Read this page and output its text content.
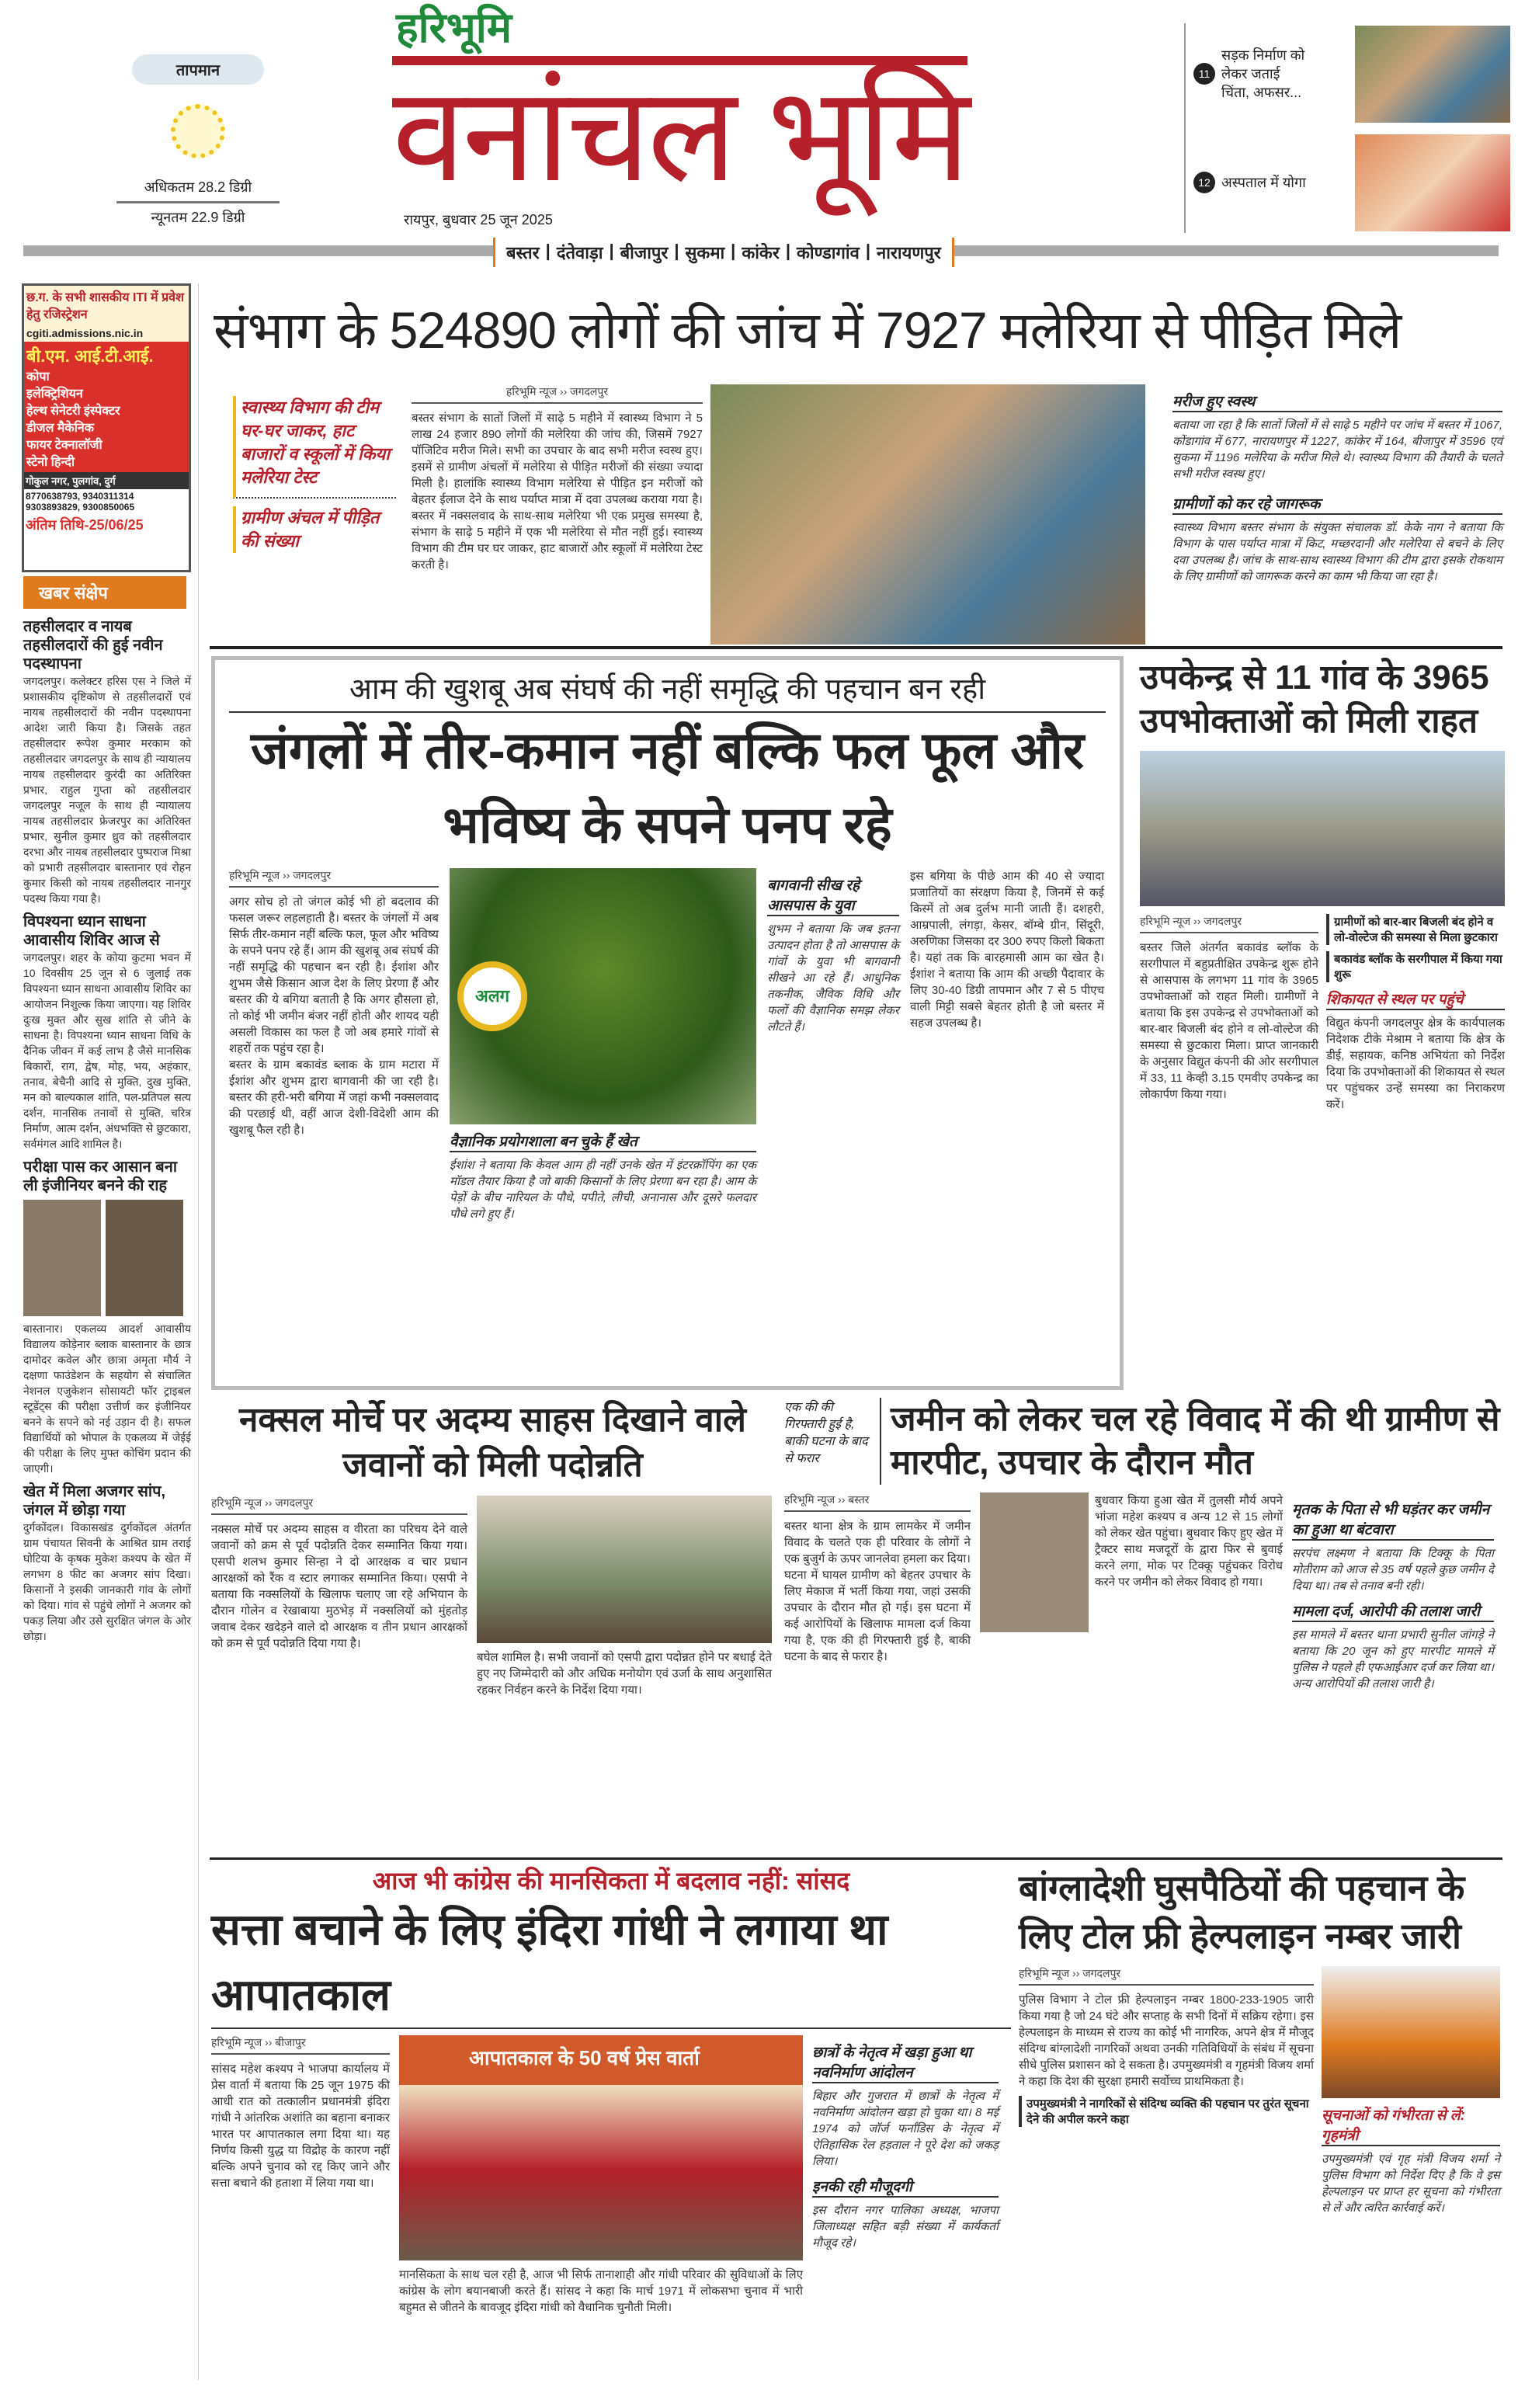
तापमान
अधिकतम 28.2 डिग्री
न्यूनतम 22.9 डिग्री
हरिभूमि
वनांचल भूमि
रायपुर, बुधवार 25 जून 2025
11
सड़क निर्माण को लेकर जताई चिंता, अफसर...
12 अस्पताल में योगा
बस्तर | दंतेवाड़ा | बीजापुर | सुकमा | कांकेर | कोण्डागांव | नारायणपुर
छ.ग. के सभी शासकीय ITI में प्रवेश हेतु रजिस्ट्रेशन
cgiti.admissions.nic.in
बी.एम. आई.टी.आई.
कोपा
इलेक्ट्रिशियन
हेल्थ सेनेटरी इंस्पेक्टर
डीजल मैकेनिक
फायर टेक्नालॉजी
स्टेनो हिन्दी
गोकुल नगर, पुलगांव, दुर्ग
8770638793, 9340311314 9303893829, 9300850065
अंतिम तिथि-25/06/25
खबर संक्षेप
तहसीलदार व नायब तहसीलदारों की हुई नवीन पदस्थापना
जगदलपुर। कलेक्टर हरिस एस ने जिले में प्रशासकीय दृष्टिकोण से तहसीलदारों एवं नायब तहसीलदारों की नवीन पदस्थापना आदेश जारी किया है। जिसके तहत तहसीलदार रूपेश कुमार मरकाम को तहसीलदार जगदलपुर के साथ ही न्यायालय नायब तहसीलदार कुरंदी का अतिरिक्त प्रभार, राहुल गुप्ता को तहसीलदार जगदलपुर नजूल के साथ ही न्यायालय नायब तहसीलदार फ्रेजरपुर का अतिरिक्त प्रभार, सुनील कुमार ध्रुव को तहसीलदार दरभा और नायब तहसीलदार पुष्पराज मिश्रा को प्रभारी तहसीलदार बास्तानार एवं रोहन कुमार किसी को नायब तहसीलदार नानगुर पदस्थ किया गया है।
विपश्यना ध्यान साधना आवासीय शिविर आज से
जगदलपुर। शहर के कोया कुटमा भवन में 10 दिवसीय 25 जून से 6 जुलाई तक विपश्यना ध्यान साधना आवासीय शिविर का आयोजन निशुल्क किया जाएगा। यह शिविर दुःख मुक्त और सुख शांति से जीने के साधना है। विपश्यना ध्यान साधना विधि के दैनिक जीवन में कई लाभ है जैसे मानसिक बिकारों, राग, द्वेष, मोह, भय, अहंकार, तनाव, बेचैनी आदि से मुक्ति, दुख मुक्ति, मन को बाल्यकाल शांति, पल-प्रतिपल सत्य दर्शन, मानसिक तनावों से मुक्ति, चरित्र निर्माण, आत्म दर्शन, अंधभक्ति से छुटकारा, सर्वमंगल आदि शामिल है।
परीक्षा पास कर आसान बना ली इंजीनियर बनने की राह
बास्तानार। एकलव्य आदर्श आवासीय विद्यालय कोड़ेनार ब्लाक बास्तानार के छात्र दामोदर कवेल और छात्रा अमृता मौर्य ने दक्षणा फाउंडेशन के सहयोग से संचालित नेशनल एजुकेशन सोसायटी फॉर ट्राइबल स्टूडेंट्स की परीक्षा उत्तीर्ण कर इंजीनियर बनने के सपने को नई उड़ान दी है। सफल विद्यार्थियों को भोपाल के एकलव्य में जेईई की परीक्षा के लिए मुफ्त कोचिंग प्रदान की जाएगी।
खेत में मिला अजगर सांप, जंगल में छोड़ा गया
दुर्गकोंदल। विकासखंड दुर्गकोंदल अंतर्गत ग्राम पंचायत सिवनी के आश्रित ग्राम तराई घोटिया के कृषक मुकेश कश्यप के खेत में लगभग 8 फीट का अजगर सांप दिखा। किसानों ने इसकी जानकारी गांव के लोगों को दिया। गांव से पहुंचे लोगों ने अजगर को पकड़ लिया और उसे सुरक्षित जंगल के ओर छोड़ा।
संभाग के 524890 लोगों की जांच में 7927 मलेरिया से पीड़ित मिले
स्वास्थ्य विभाग की टीम घर-घर जाकर, हाट बाजारों व स्कूलों में किया मलेरिया टेस्ट
ग्रामीण अंचल में पीड़ित की संख्या
हरिभूमि न्यूज ›› जगदलपुर
बस्तर संभाग के सातों जिलों में साढ़े 5 महीने में स्वास्थ्य विभाग ने 5 लाख 24 हजार 890 लोगों की मलेरिया की जांच की, जिसमें 7927 पॉजिटिव मरीज मिले। सभी का उपचार के बाद सभी मरीज स्वस्थ हुए। इसमें से ग्रामीण अंचलों में मलेरिया से पीड़ित मरीजों की संख्या ज्यादा मिली है। हालांकि स्वास्थ्य विभाग मलेरिया से पीड़ित इन मरीजों को बेहतर ईलाज देने के साथ पर्याप्त मात्रा में दवा उपलब्ध कराया गया है। बस्तर में नक्सलवाद के साथ-साथ मलेरिया भी एक प्रमुख समस्या है, संभाग के साढ़े 5 महीने में एक भी मलेरिया से मौत नहीं हुई। स्वास्थ्य विभाग की टीम घर घर जाकर, हाट बाजारों और स्कूलों में मलेरिया टेस्ट करती है।
मरीज हुए स्वस्थ
बताया जा रहा है कि सातों जिलों में से साढ़े 5 महीने पर जांच में बस्तर में 1067, कोंडागांव में 677, नारायणपुर में 1227, कांकेर में 164, बीजापुर में 3596 एवं सुकमा में 1196 मलेरिया के मरीज मिले थे। स्वास्थ्य विभाग की तैयारी के चलते सभी मरीज स्वस्थ हुए।
ग्रामीणों को कर रहे जागरूक
स्वास्थ्य विभाग बस्तर संभाग के संयुक्त संचालक डॉ. केके नाग ने बताया कि विभाग के पास पर्याप्त मात्रा में किट, मच्छरदानी और मलेरिया से बचने के लिए दवा उपलब्ध है। जांच के साथ-साथ स्वास्थ्य विभाग की टीम द्वारा इसके रोकथाम के लिए ग्रामीणों को जागरूक करने का काम भी किया जा रहा है।
आम की खुशबू अब संघर्ष की नहीं समृद्धि की पहचान बन रही
जंगलों में तीर-कमान नहीं बल्कि फल फूल और भविष्य के सपने पनप रहे
हरिभूमि न्यूज ›› जगदलपुर
अगर सोच हो तो जंगल कोई भी हो बदलाव की फसल जरूर लहलहाती है। बस्तर के जंगलों में अब सिर्फ तीर-कमान नहीं बल्कि फल, फूल और भविष्य के सपने पनप रहे हैं। आम की खुशबू अब संघर्ष की नहीं समृद्धि की पहचान बन रही है। ईशांश और शुभम जैसे किसान आज देश के लिए प्रेरणा हैं और बस्तर की ये बगिया बताती है कि अगर हौसला हो, तो कोई भी जमीन बंजर नहीं होती और शायद यही असली विकास का फल है जो अब हमारे गांवों से शहरों तक पहुंच रहा है।
बस्तर के ग्राम बकावंड ब्लाक के ग्राम मटारा में ईशांश और शुभम द्वारा बागवानी की जा रही है। बस्तर की हरी-भरी बगिया में जहां कभी नक्सलवाद की परछाई थी, वहीं आज देशी-विदेशी आम की खुशबू फैल रही है।
अलग
वैज्ञानिक प्रयोगशाला बन चुके हैं खेत
ईशांश ने बताया कि केवल आम ही नहीं उनके खेत में इंटरक्रॉपिंग का एक मॉडल तैयार किया है जो बाकी किसानों के लिए प्रेरणा बन रहा है। आम के पेड़ों के बीच नारियल के पौधे, पपीते, लीची, अनानास और दूसरे फलदार पौधे लगे हुए हैं।
बागवानी सीख रहे आसपास के युवा
शुभम ने बताया कि जब इतना उत्पादन होता है तो आसपास के गांवों के युवा भी बागवानी सीखने आ रहे हैं। आधुनिक तकनीक, जैविक विधि और फलों की वैज्ञानिक समझ लेकर लौटते हैं।
इस बगिया के पीछे आम की 40 से ज्यादा प्रजातियों का संरक्षण किया है, जिनमें से कई किस्में तो अब दुर्लभ मानी जाती हैं। दशहरी, आम्रपाली, लंगड़ा, केसर, बॉम्बे ग्रीन, सिंदूरी, अरुणिका जिसका दर 300 रुपए किलो बिकता है। यहां तक कि बारहमासी आम का खेत है। ईशांश ने बताया कि आम की अच्छी पैदावार के लिए 30-40 डिग्री तापमान और 7 से 5 पीएच वाली मिट्टी सबसे बेहतर होती है जो बस्तर में सहज उपलब्ध है।
उपकेन्द्र से 11 गांव के 3965 उपभोक्ताओं को मिली राहत
हरिभूमि न्यूज ›› जगदलपुर
बस्तर जिले अंतर्गत बकावंड ब्लॉक के सरगीपाल में बहुप्रतीक्षित उपकेन्द्र शुरू होने से आसपास के लगभग 11 गांव के 3965 उपभोक्ताओं को राहत मिली। ग्रामीणों ने बताया कि इस उपकेन्द्र से उपभोक्ताओं को बार-बार बिजली बंद होने व लो-वोल्टेज की समस्या से छुटकारा मिला। प्राप्त जानकारी के अनुसार विद्युत कंपनी की ओर सरगीपाल में 33, 11 केव्ही 3.15 एमवीए उपकेन्द्र का लोकार्पण किया गया।
ग्रामीणों को बार-बार बिजली बंद होने व लो-वोल्टेज की समस्या से मिला छुटकारा
बकावंड ब्लॉक के सरगीपाल में किया गया शुरू
शिकायत से स्थल पर पहुंचे
विद्युत कंपनी जगदलपुर क्षेत्र के कार्यपालक निदेशक टीके मेश्राम ने बताया कि क्षेत्र के डीई, सहायक, कनिष्ठ अभियंता को निर्देश दिया कि उपभोक्ताओं की शिकायत से स्थल पर पहुंचकर उन्हें समस्या का निराकरण करें।
नक्सल मोर्चे पर अदम्य साहस दिखाने वाले जवानों को मिली पदोन्नति
हरिभूमि न्यूज ›› जगदलपुर
नक्सल मोर्चे पर अदम्य साहस व वीरता का परिचय देने वाले जवानों को क्रम से पूर्व पदोन्नति देकर सम्मानित किया गया। एसपी शलभ कुमार सिन्हा ने दो आरक्षक व चार प्रधान आरक्षकों को रैंक व स्टार लगाकर सम्मानित किया। एसपी ने बताया कि नक्सलियों के खिलाफ चलाए जा रहे अभियान के दौरान गोलेन व रेखाबाया मुठभेड़ में नक्सलियों को मुंहतोड़ जवाब देकर खदेड़ने वाले दो आरक्षक व तीन प्रधान आरक्षकों को क्रम से पूर्व पदोन्नति दिया गया है।
बघेल शामिल है। सभी जवानों को एसपी द्वारा पदोन्नत होने पर बधाई देते हुए नए जिम्मेदारी को और अधिक मनोयोग एवं उर्जा के साथ अनुशासित रहकर निर्वहन करने के निर्देश दिया गया।
एक की की गिरफ्तारी हुई है, बाकी घटना के बाद से फरार
जमीन को लेकर चल रहे विवाद में की थी ग्रामीण से मारपीट, उपचार के दौरान मौत
हरिभूमि न्यूज ›› बस्तर
बस्तर थाना क्षेत्र के ग्राम लामकेर में जमीन विवाद के चलते एक ही परिवार के लोगों ने एक बुजुर्ग के ऊपर जानलेवा हमला कर दिया। घटना में घायल ग्रामीण को बेहतर उपचार के लिए मेकाज में भर्ती किया गया, जहां उसकी उपचार के दौरान मौत हो गई। इस घटना में कई आरोपियों के खिलाफ मामला दर्ज किया गया है, एक की ही गिरफ्तारी हुई है, बाकी घटना के बाद से फरार है।
बुधवार किया हुआ खेत में तुलसी मौर्य अपने भांजा महेश कश्यप व अन्य 12 से 15 लोगों को लेकर खेत पहुंचा। बुधवार किए हुए खेत में ट्रैक्टर साथ मजदूरों के द्वारा फिर से बुवाई करने लगा, मोक पर टिक्कू पहुंचकर विरोध करने पर जमीन को लेकर विवाद हो गया।
मृतक के पिता से भी घड़ंतर कर जमीन का हुआ था बंटवारा
सरपंच लक्ष्मण ने बताया कि टिक्कू के पिता मोतीराम को आज से 35 वर्ष पहले कुछ जमीन दे दिया था। तब से तनाव बनी रही।
मामला दर्ज, आरोपी की तलाश जारी
इस मामले में बस्तर थाना प्रभारी सुनील जांगड़े ने बताया कि 20 जून को हुए मारपीट मामले में पुलिस ने पहले ही एफआईआर दर्ज कर लिया था। अन्य आरोपियों की तलाश जारी है।
आज भी कांग्रेस की मानसिकता में बदलाव नहीं: सांसद
सत्ता बचाने के लिए इंदिरा गांधी ने लगाया था आपातकाल
हरिभूमि न्यूज ›› बीजापुर
सांसद महेश कश्यप ने भाजपा कार्यालय में प्रेस वार्ता में बताया कि 25 जून 1975 की आधी रात को तत्कालीन प्रधानमंत्री इंदिरा गांधी ने आंतरिक अशांति का बहाना बनाकर भारत पर आपातकाल लगा दिया था। यह निर्णय किसी युद्ध या विद्रोह के कारण नहीं बल्कि अपने चुनाव को रद्द किए जाने और सत्ता बचाने की हताशा में लिया गया था।
आपातकाल के 50 वर्ष प्रेस वार्ता
मानसिकता के साथ चल रही है, आज भी सिर्फ तानाशाही और गांधी परिवार की सुविधाओं के लिए कांग्रेस के लोग बयानबाजी करते हैं। सांसद ने कहा कि मार्च 1971 में लोकसभा चुनाव में भारी बहुमत से जीतने के बावजूद इंदिरा गांधी को वैधानिक चुनौती मिली।
छात्रों के नेतृत्व में खड़ा हुआ था नवनिर्माण आंदोलन
बिहार और गुजरात में छात्रों के नेतृत्व में नवनिर्माण आंदोलन खड़ा हो चुका था। 8 मई 1974 को जॉर्ज फर्नांडिस के नेतृत्व में ऐतिहासिक रेल हड़ताल ने पूरे देश को जकड़ लिया।
इनकी रही मौजूदगी
इस दौरान नगर पालिका अध्यक्ष, भाजपा जिलाध्यक्ष सहित बड़ी संख्या में कार्यकर्ता मौजूद रहे।
बांग्लादेशी घुसपैठियों की पहचान के लिए टोल फ्री हेल्पलाइन नम्बर जारी
हरिभूमि न्यूज ›› जगदलपुर
पुलिस विभाग ने टोल फ्री हेल्पलाइन नम्बर 1800-233-1905 जारी किया गया है जो 24 घंटे और सप्ताह के सभी दिनों में सक्रिय रहेगा। इस हेल्पलाइन के माध्यम से राज्य का कोई भी नागरिक, अपने क्षेत्र में मौजूद संदिग्ध बांग्लादेशी नागरिकों अथवा उनकी गतिविधियों के संबंध में सूचना सीधे पुलिस प्रशासन को दे सकता है। उपमुख्यमंत्री व गृहमंत्री विजय शर्मा ने कहा कि देश की सुरक्षा हमारी सर्वोच्च प्राथमिकता है।
उपमुख्यमंत्री ने नागरिकों से संदिग्ध व्यक्ति की पहचान पर तुरंत सूचना देने की अपील करने कहा	सूचनाओं को गंभीरता से लें: गृहमंत्री
उपमुख्यमंत्री एवं गृह मंत्री विजय शर्मा ने पुलिस विभाग को निर्देश दिए है कि वे इस हेल्पलाइन पर प्राप्त हर सूचना को गंभीरता से लें और त्वरित कार्रवाई करें।
